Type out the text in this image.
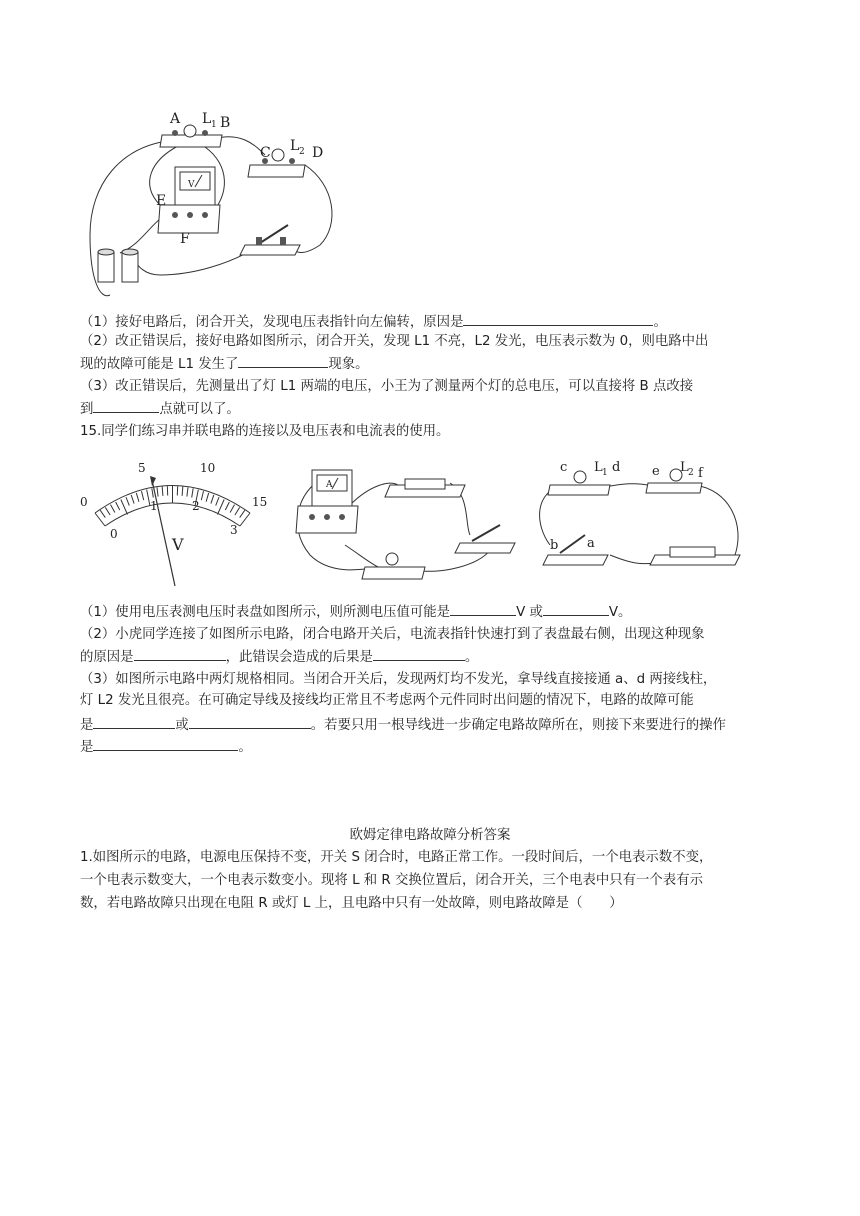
A L 1 B
C L 2 D
E
F
V
（1）接好电路后，闭合开关，发现电压表指针向左偏转，原因是	。
（2）改正错误后，接好电路如图所示，闭合开关，发现 L1 不亮，L2 发光，电压表示数为 0，则电路中出
现的故障可能是 L1 发生了	现象。
（3）改正错误后，先测量出了灯 L1 两端的电压，小王为了测量两个灯的总电压，可以直接将 B 点改接
到	点就可以了。
15.同学们练习串并联电路的连接以及电压表和电流表的使用。
0
5	10
15
0
1	2
3
V
A
c L 1 d e L 2 f
b a
（1）使用电压表测电压时表盘如图所示，则所测电压值可能是	V 或	V。
（2）小虎同学连接了如图所示电路，闭合电路开关后，电流表指针快速打到了表盘最右侧，出现这种现象
的原因是	，此错误会造成的后果是	。
（3）如图所示电路中两灯规格相同。当闭合开关后，发现两灯均不发光，拿导线直接接通 a、d 两接线柱，
灯 L2 发光且很亮。在可确定导线及接线均正常且不考虑两个元件同时出问题的情况下，电路的故障可能
是	或	。若要只用一根导线进一步确定电路故障所在，则接下来要进行的操作
是	。
欧姆定律电路故障分析答案
1.如图所示的电路，电源电压保持不变，开关 S 闭合时，电路正常工作。一段时间后，一个电表示数不变，
一个电表示数变大，一个电表示数变小。现将 L 和 R 交换位置后，闭合开关，三个电表中只有一个表有示
数，若电路故障只出现在电阻 R 或灯 L 上，且电路中只有一处故障，则电路故障是（　　）
